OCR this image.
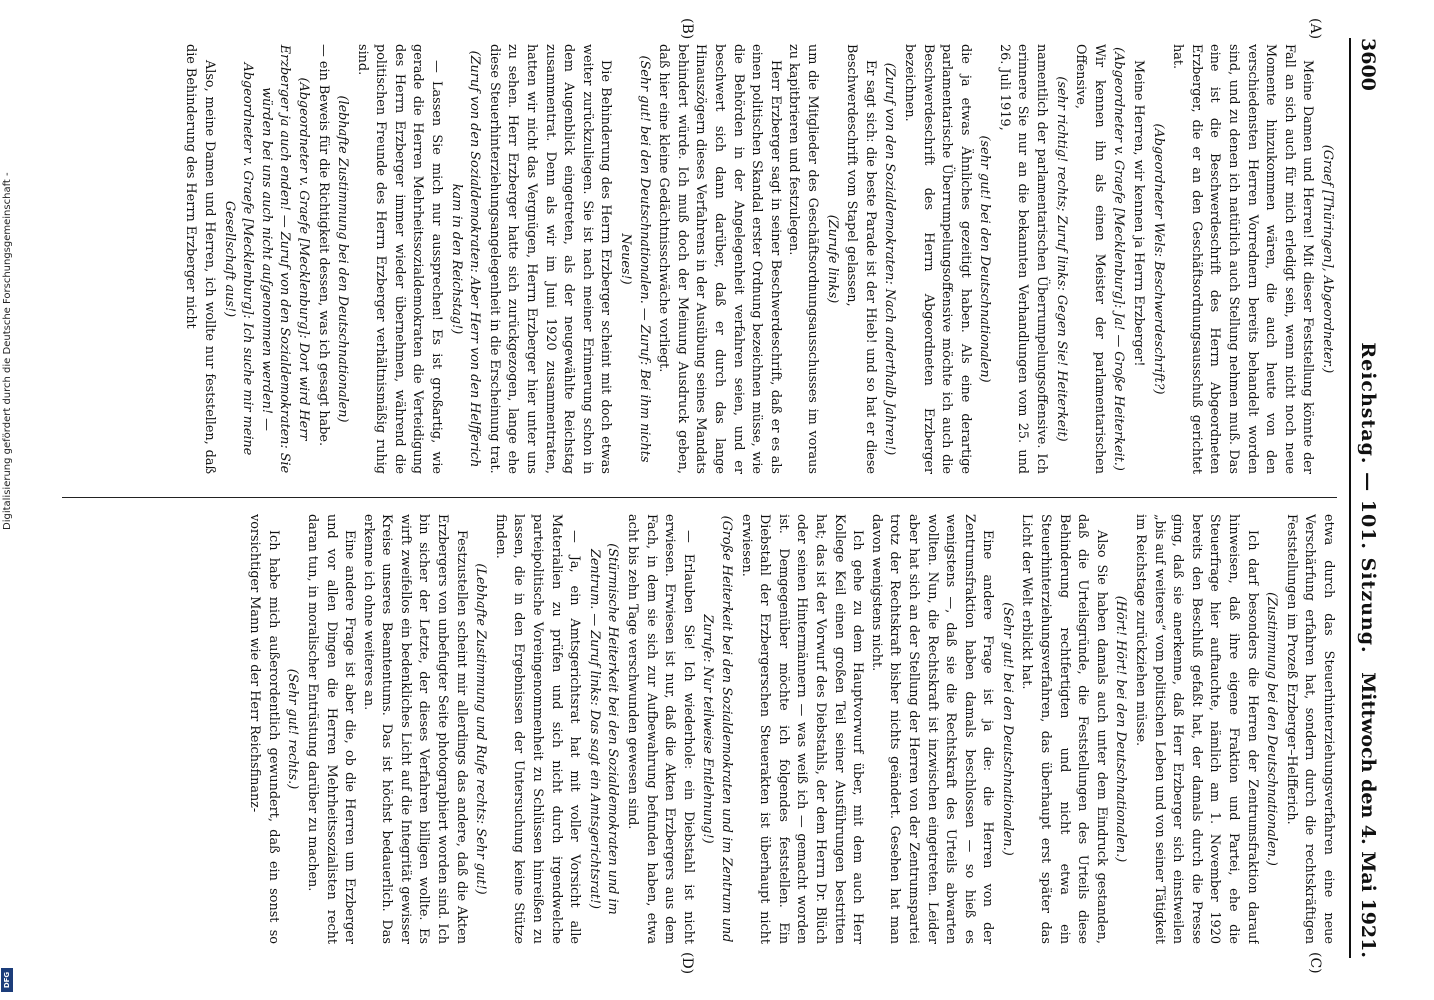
3600
Reichstag. — 101. Sitzung.
Mittwoch den 4. Mai 1921.
(A)
(B)
(C)
(D)

(Graef [Thüringen], Abgeordneter.)

Meine Damen und Herren! Mit dieser Feststellung könnte der Fall an sich auch für mich erledigt sein, wenn nicht noch neue Momente hinzukommen wären, die auch heute von den verschiedensten Herren Vorrednern bereits behandelt worden sind, und zu denen ich natürlich auch Stellung nehmen muß. Das eine ist die Beschwerdeschrift des Herrn Abgeordneten Erzberger, die er an den Geschäftsordnungsausschuß gerichtet hat.

(Abgeordneter Wels: Beschwerdeschrift?)

Meine Herren, wir kennen ja Herrn Erzberger!

(Abgeordneter v. Graefe [Mecklenburg]: Ja! — Große Heiterkeit.)

Wir kennen ihn als einen Meister der parlamentarischen Offensive,

(sehr richtig! rechts; Zuruf links: Gegen Sie! Heiterkeit)

namentlich der parlamentarischen Überrumpelungsoffensive. Ich erinnere Sie nur an die bekannten Verhandlungen vom 25. und 26. Juli 1919,

(sehr gut! bei den Deutschnationalen)

die ja etwas Ähnliches gezeitigt haben. Als eine derartige parlamentarische Überrumpelungsoffensive möchte ich auch die Beschwerdeschrift des Herrn Abgeordneten Erzberger bezeichnen.

(Zuruf von den Sozialdemokraten: Nach anderthalb Jahren!)

Er sagt sich: die beste Parade ist der Hieb! und so hat er diese Beschwerdeschrift vom Stapel gelassen,

(Zurufe links)

um die Mitglieder des Geschäftsordnungsausschusses im voraus zu kapitbrieren und festzulegen.

Herr Erzberger sagt in seiner Beschwerdeschrift, daß er es als einen politischen Skandal erster Ordnung bezeichnen müsse, wie die Behörden in der Angelegenheit verfahren seien, und er beschwert sich dann darüber, daß er durch das lange Hinauszögern dieses Verfahrens in der Ausübung seines Mandats behindert würde. Ich muß doch der Meinung Ausdruck geben, daß hier eine kleine Gedächtnisschwäche vorliegt.

(Sehr gut! bei den Deutschnationalen. — Zuruf: Bei ihm nichts Neues!)

Die Behinderung des Herrn Erzberger scheint mit doch etwas weiter zurückzuliegen. Sie ist nach meiner Erinnerung schon in dem Augenblick eingetreten, als der neugewählte Reichstag zusammentrat. Denn als wir im Juni 1920 zusammentraten, hatten wir nicht das Vergnügen, Herrn Erzberger hier unter uns zu sehen. Herr Erzberger hatte sich zurückgezogen, lange ehe diese Steuerhinterziehungsangelegenheit in die Erscheinung trat.

(Zuruf von den Sozialdemokraten: Aber Herr von den Helfferich kam in den Reichstag!)

— Lassen Sie mich nur aussprechen! Es ist großartig, wie gerade die Herren Mehrheitssozialdemokraten die Verteidigung des Herrn Erzberger immer wieder übernehmen, während die politischen Freunde des Herrn Erzberger verhältnismäßig ruhig sind.

(lebhafte Zustimmung bei den Deutschnationalen)

— ein Beweis für die Richtigkeit dessen, was ich gesagt habe.

(Abgeordneter v. Graefe [Mecklenburg]: Dort wird Herr Erzberger ja auch enden! — Zuruf von den Sozialdemokraten: Sie würden bei uns auch nicht aufgenommen werden! — Abgeordneter v. Graefe [Mecklenburg]: Ich suche mir meine Gesellschaft aus!)

Also, meine Damen und Herren, ich wollte nur feststellen, daß die Behinderung des Herrn Erzberger nicht

etwa durch das Steuerhinterziehungsverfahren eine neue Verschärfung erfahren hat, sondern durch die rechtskräftigen Feststellungen im Prozeß Erzberger–Helfferich.

(Zustimmung bei den Deutschnationalen.)

Ich darf besonders die Herren der Zentrumsfraktion darauf hinweisen, daß ihre eigene Fraktion und Partei, ehe die Steuerfrage hier auftauchte, nämlich am 1. November 1920 bereits den Beschluß gefaßt hat, der damals durch die Presse ging, daß sie anerkenne, daß Herr Erzberger sich einstweilen „bis auf weiteres“ vom politischen Leben und von seiner Tätigkeit im Reichstage zurückziehen müsse.

(Hört! Hört! bei den Deutschnationalen.)

Also Sie haben damals auch unter dem Eindruck gestanden, daß die Urteilsgründe, die Feststellungen des Urteils diese Behinderung rechtfertigten und nicht etwa ein Steuerhinterziehungsverfahren, das überhaupt erst später das Licht der Welt erblickt hat.

(Sehr gut! bei den Deutschnationalen.)

Eine andere Frage ist ja die: die Herren von der Zentrumsfraktion haben damals beschlossen — so hieß es wenigstens —, daß sie die Rechtskraft des Urteils abwarten wollten. Nun, die Rechtskraft ist inzwischen eingetreten. Leider aber hat sich an der Stellung der Herren von der Zentrumspartei trotz der Rechtskraft bisher nichts geändert. Gesehen hat man davon wenigstens nicht.

Ich gehe zu dem Hauptvorwurf über, mit dem auch Herr Kollege Keil einen großen Teil seiner Ausführungen bestritten hat; das ist der Vorwurf des Diebstahls, der dem Herrn Dr. Blüch oder seinen Hintermännern — was weiß ich — gemacht worden ist. Demgegenüber möchte ich folgendes feststellen. Ein Diebstahl der Erzbergerschen Steuerakten ist überhaupt nicht erwiesen.

(Große Heiterkeit bei den Sozialdemokraten und im Zentrum und Zurufe: Nur teilweise Entlehnung!)

— Erlauben Sie! Ich wiederhole: ein Diebstahl ist nicht erwiesen. Erwiesen ist nur, daß die Akten Erzbergers aus dem Fach, in dem sie sich zur Aufbewahrung befunden haben, etwa acht bis zehn Tage verschwunden gewesen sind.

(Stürmische Heiterkeit bei den Sozialdemokraten und im Zentrum. — Zuruf links: Das sagt ein Amtsgerichtsrat!)

— Ja, ein Amtsgerichtsrat hat mit voller Vorsicht alle Materialien zu prüfen und sich nicht durch irgendwelche parteipolitische Voreingenommenheit zu Schlüssen hinreißen zu lassen, die in den Ergebnissen der Untersuchung keine Stütze finden.

(Lebhafte Zustimmung und Rufe rechts: Sehr gut!)

Festzustellen scheint mir allerdings das andere, daß die Akten Erzbergers von unbefugter Seite photographiert worden sind. Ich bin sicher der Letzte, der dieses Verfahren billigen wollte. Es wirft zweifellos ein bedenkliches Licht auf die Integrität gewisser Kreise unseres Beamtentums. Das ist höchst bedauerlich. Das erkenne ich ohne weiteres an.

Eine andere Frage ist aber die, ob die Herren um Erzberger und vor allen Dingen die Herren Mehrheitssozialisten recht daran tun, in moralischer Entrüstung darüber zu machen.

(Sehr gut! rechts.)

Ich habe mich außerordentlich gewundert, daß ein sonst so vorsichtiger Mann wie der Herr Reichsfinanz-

Digitalisierung gefördert durch die Deutsche Forschungsgemeinschaft -
DFG
